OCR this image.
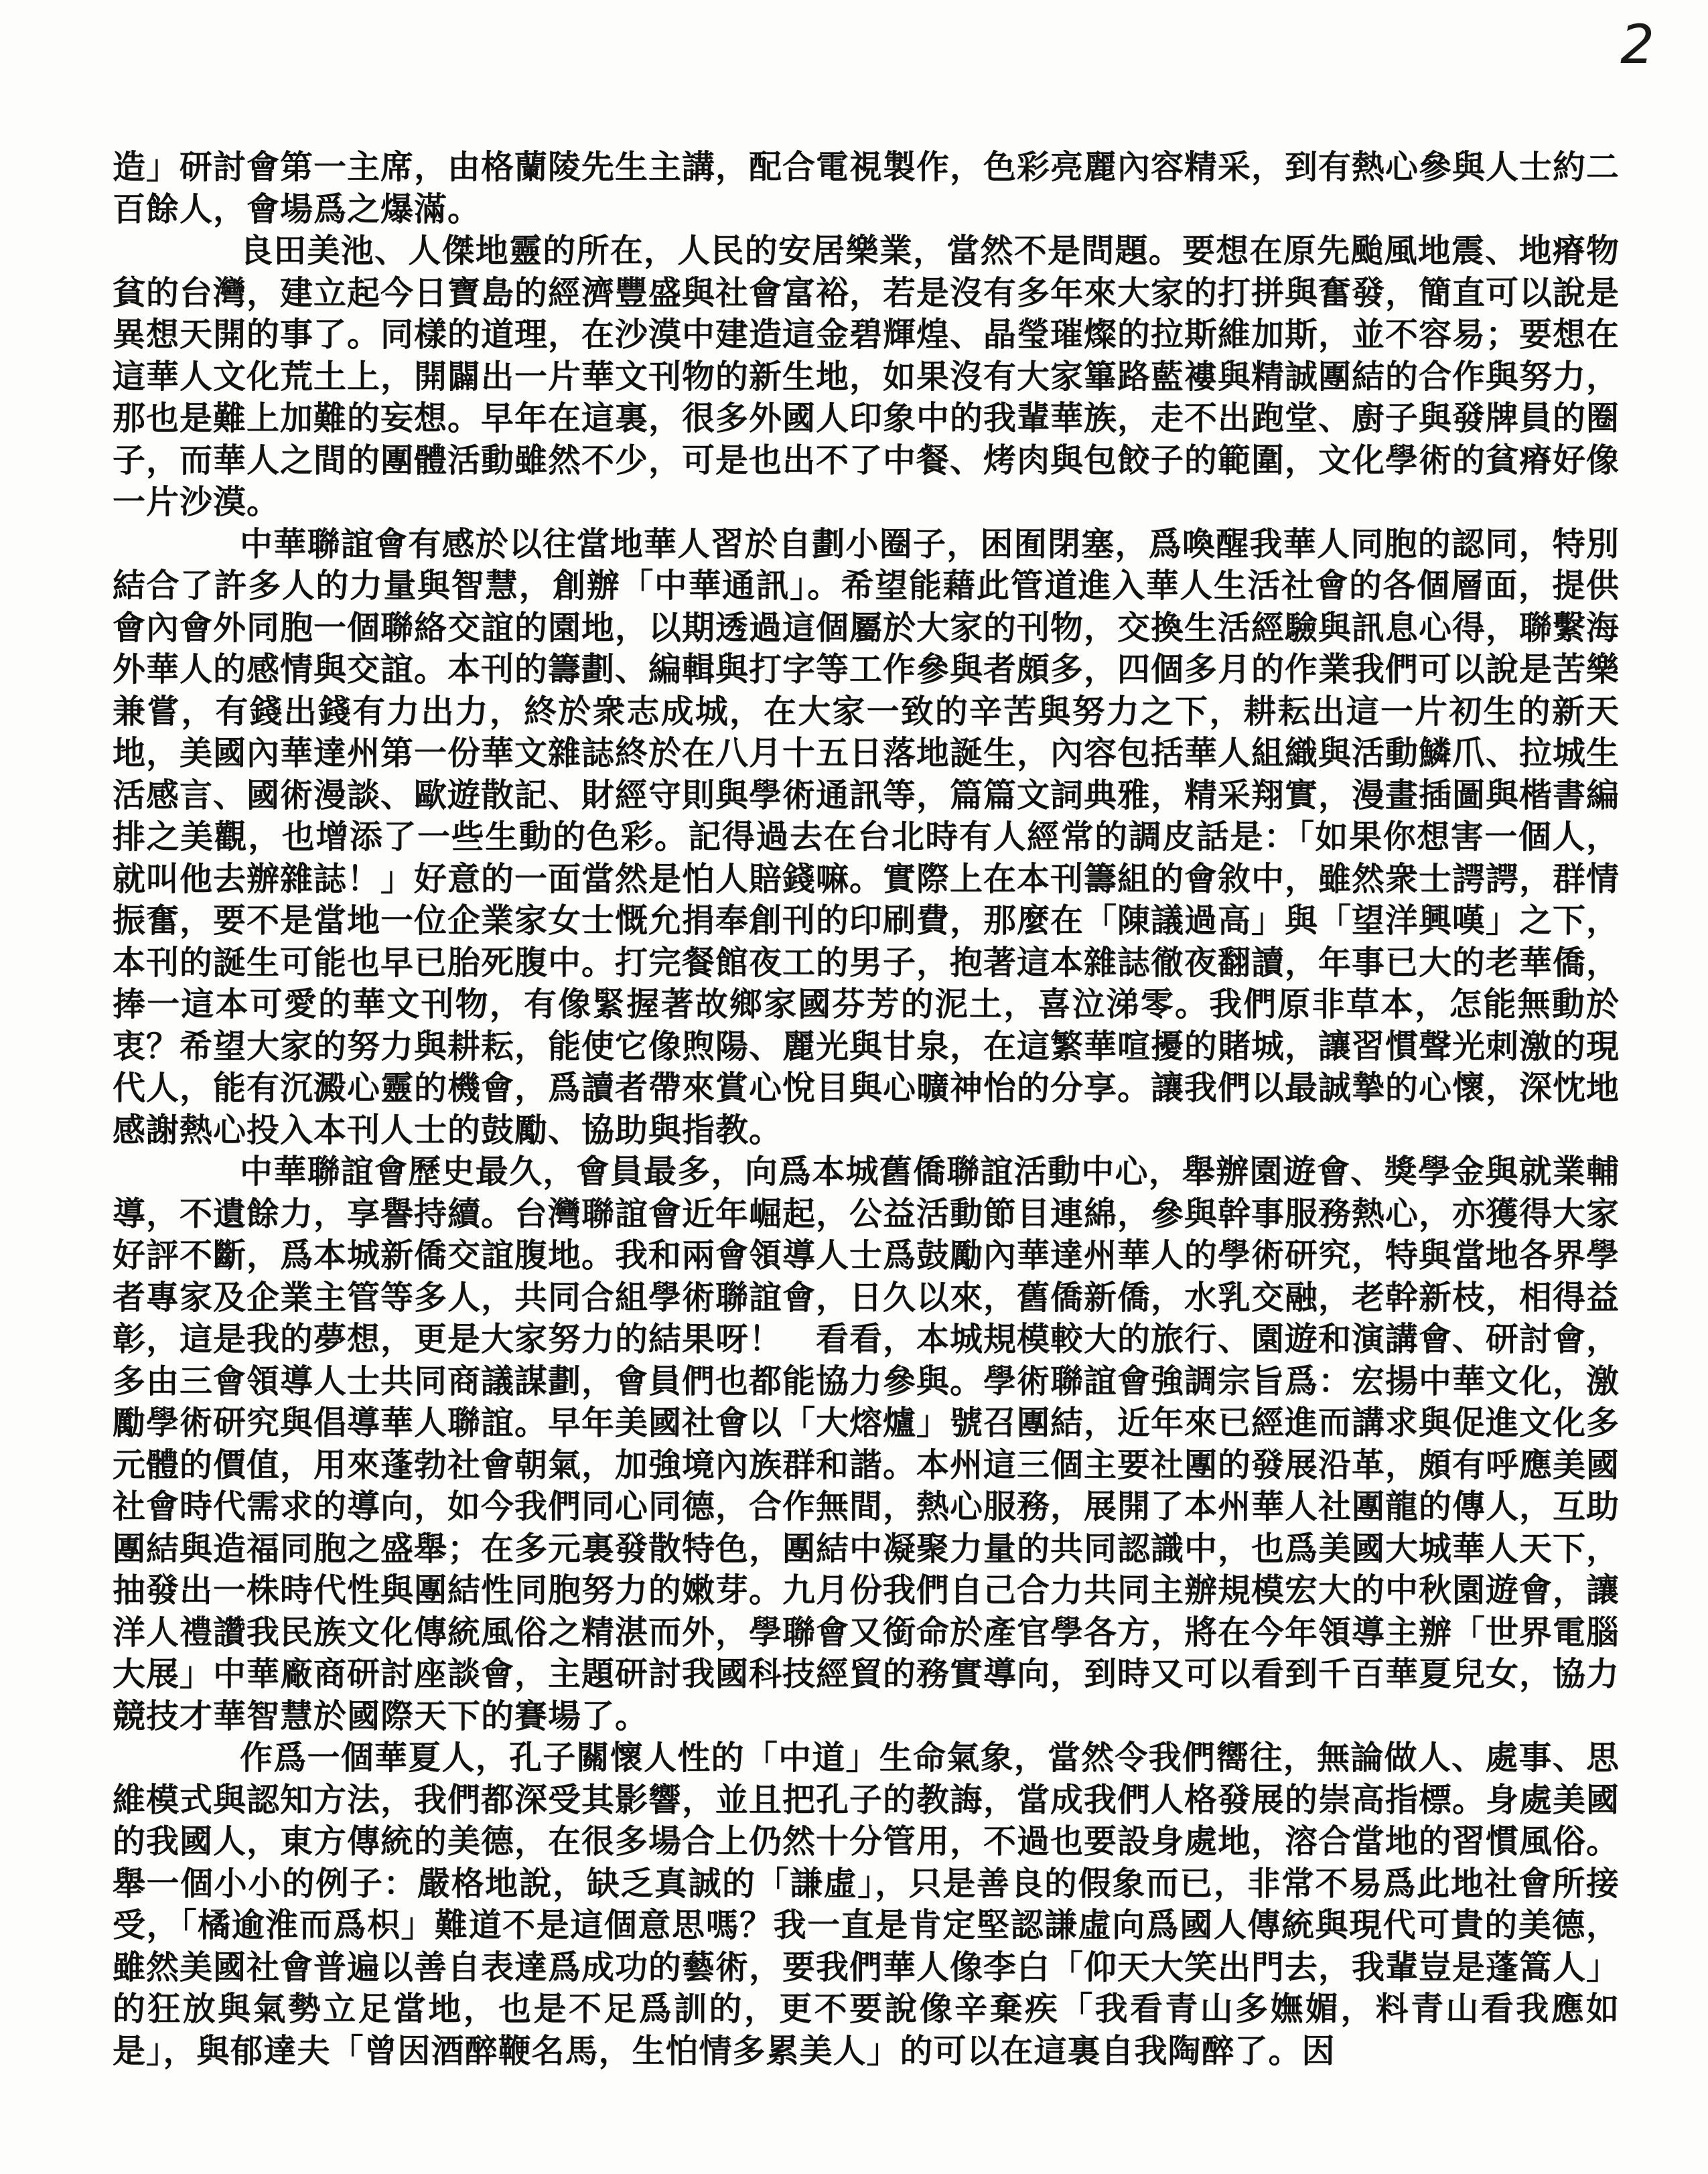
2

造」研討會第一主席，由格蘭陵先生主講，配合電視製作，色彩亮麗內容精采，到有熱心參與人士約二百餘人，會場爲之爆滿。

良田美池、人傑地靈的所在，人民的安居樂業，當然不是問題。要想在原先颱風地震、地瘠物貧的台灣，建立起今日寶島的經濟豐盛與社會富裕，若是沒有多年來大家的打拼與奮發，簡直可以說是異想天開的事了。同樣的道理，在沙漠中建造這金碧輝煌、晶瑩璀燦的拉斯維加斯，並不容易；要想在這華人文化荒土上，開闢出一片華文刊物的新生地，如果沒有大家篳路藍褸與精誠團結的合作與努力，那也是難上加難的妄想。早年在這裏，很多外國人印象中的我輩華族，走不出跑堂、廚子與發牌員的圈子，而華人之間的團體活動雖然不少，可是也出不了中餐、烤肉與包餃子的範圍，文化學術的貧瘠好像一片沙漠。

中華聯誼會有感於以往當地華人習於自劃小圈子，困囿閉塞，爲喚醒我華人同胞的認同，特別結合了許多人的力量與智慧，創辦「中華通訊」。希望能藉此管道進入華人生活社會的各個層面，提供會內會外同胞一個聯絡交誼的園地，以期透過這個屬於大家的刊物，交換生活經驗與訊息心得，聯繫海外華人的感情與交誼。本刊的籌劃、編輯與打字等工作參與者頗多，四個多月的作業我們可以說是苦樂兼嘗，有錢出錢有力出力，終於衆志成城，在大家一致的辛苦與努力之下，耕耘出這一片初生的新天地，美國內華達州第一份華文雜誌終於在八月十五日落地誕生，內容包括華人組織與活動鱗爪、拉城生活感言、國術漫談、歐遊散記、財經守則與學術通訊等，篇篇文詞典雅，精采翔實，漫畫插圖與楷書編排之美觀，也增添了一些生動的色彩。記得過去在台北時有人經常的調皮話是：「如果你想害一個人，就叫他去辦雜誌！」好意的一面當然是怕人賠錢嘛。實際上在本刊籌組的會敘中，雖然衆士諤諤，群情振奮，要不是當地一位企業家女士慨允捐奉創刊的印刷費，那麼在「陳議過高」與「望洋興嘆」之下，本刊的誕生可能也早已胎死腹中。打完餐館夜工的男子，抱著這本雜誌徹夜翻讀，年事已大的老華僑，捧一這本可愛的華文刊物，有像緊握著故鄉家國芬芳的泥土，喜泣涕零。我們原非草本，怎能無動於衷？希望大家的努力與耕耘，能使它像煦陽、麗光與甘泉，在這繁華喧擾的賭城，讓習慣聲光刺激的現代人，能有沉澱心靈的機會，爲讀者帶來賞心悅目與心曠神怡的分享。讓我們以最誠摯的心懷，深忱地感謝熱心投入本刊人士的鼓勵、協助與指教。

中華聯誼會歷史最久，會員最多，向爲本城舊僑聯誼活動中心，舉辦園遊會、獎學金與就業輔導，不遺餘力，享譽持續。台灣聯誼會近年崛起，公益活動節目連綿，參與幹事服務熱心，亦獲得大家好評不斷，爲本城新僑交誼腹地。我和兩會領導人士爲鼓勵內華達州華人的學術研究，特與當地各界學者專家及企業主管等多人，共同合組學術聯誼會，日久以來，舊僑新僑，水乳交融，老幹新枝，相得益彰，這是我的夢想，更是大家努力的結果呀！　看看，本城規模較大的旅行、園遊和演講會、研討會，多由三會領導人士共同商議謀劃，會員們也都能協力參與。學術聯誼會強調宗旨爲：宏揚中華文化，激勵學術研究與倡導華人聯誼。早年美國社會以「大熔爐」號召團結，近年來已經進而講求與促進文化多元體的價值，用來蓬勃社會朝氣，加強境內族群和諧。本州這三個主要社團的發展沿革，頗有呼應美國社會時代需求的導向，如今我們同心同德，合作無間，熱心服務，展開了本州華人社團龍的傳人，互助團結與造福同胞之盛舉；在多元裏發散特色，團結中凝聚力量的共同認識中，也爲美國大城華人天下，抽發出一株時代性與團結性同胞努力的嫩芽。九月份我們自己合力共同主辦規模宏大的中秋園遊會，讓洋人禮讚我民族文化傳統風俗之精湛而外，學聯會又銜命於產官學各方，將在今年領導主辦「世界電腦大展」中華廠商研討座談會，主題研討我國科技經貿的務實導向，到時又可以看到千百華夏兒女，協力競技才華智慧於國際天下的賽場了。

作爲一個華夏人，孔子關懷人性的「中道」生命氣象，當然令我們嚮往，無論做人、處事、思維模式與認知方法，我們都深受其影響，並且把孔子的教誨，當成我們人格發展的崇高指標。身處美國的我國人，東方傳統的美德，在很多場合上仍然十分管用，不過也要設身處地，溶合當地的習慣風俗。舉一個小小的例子：嚴格地說，缺乏真誠的「謙虛」，只是善良的假象而已，非常不易爲此地社會所接受，「橘逾淮而爲枳」難道不是這個意思嗎？我一直是肯定堅認謙虛向爲國人傳統與現代可貴的美德，雖然美國社會普遍以善自表達爲成功的藝術，要我們華人像李白「仰天大笑出門去，我輩豈是蓬篙人」的狂放與氣勢立足當地，也是不足爲訓的，更不要說像辛棄疾「我看青山多嫵媚，料青山看我應如是」，與郁達夫「曾因酒醉鞭名馬，生怕情多累美人」的可以在這裏自我陶醉了。因
